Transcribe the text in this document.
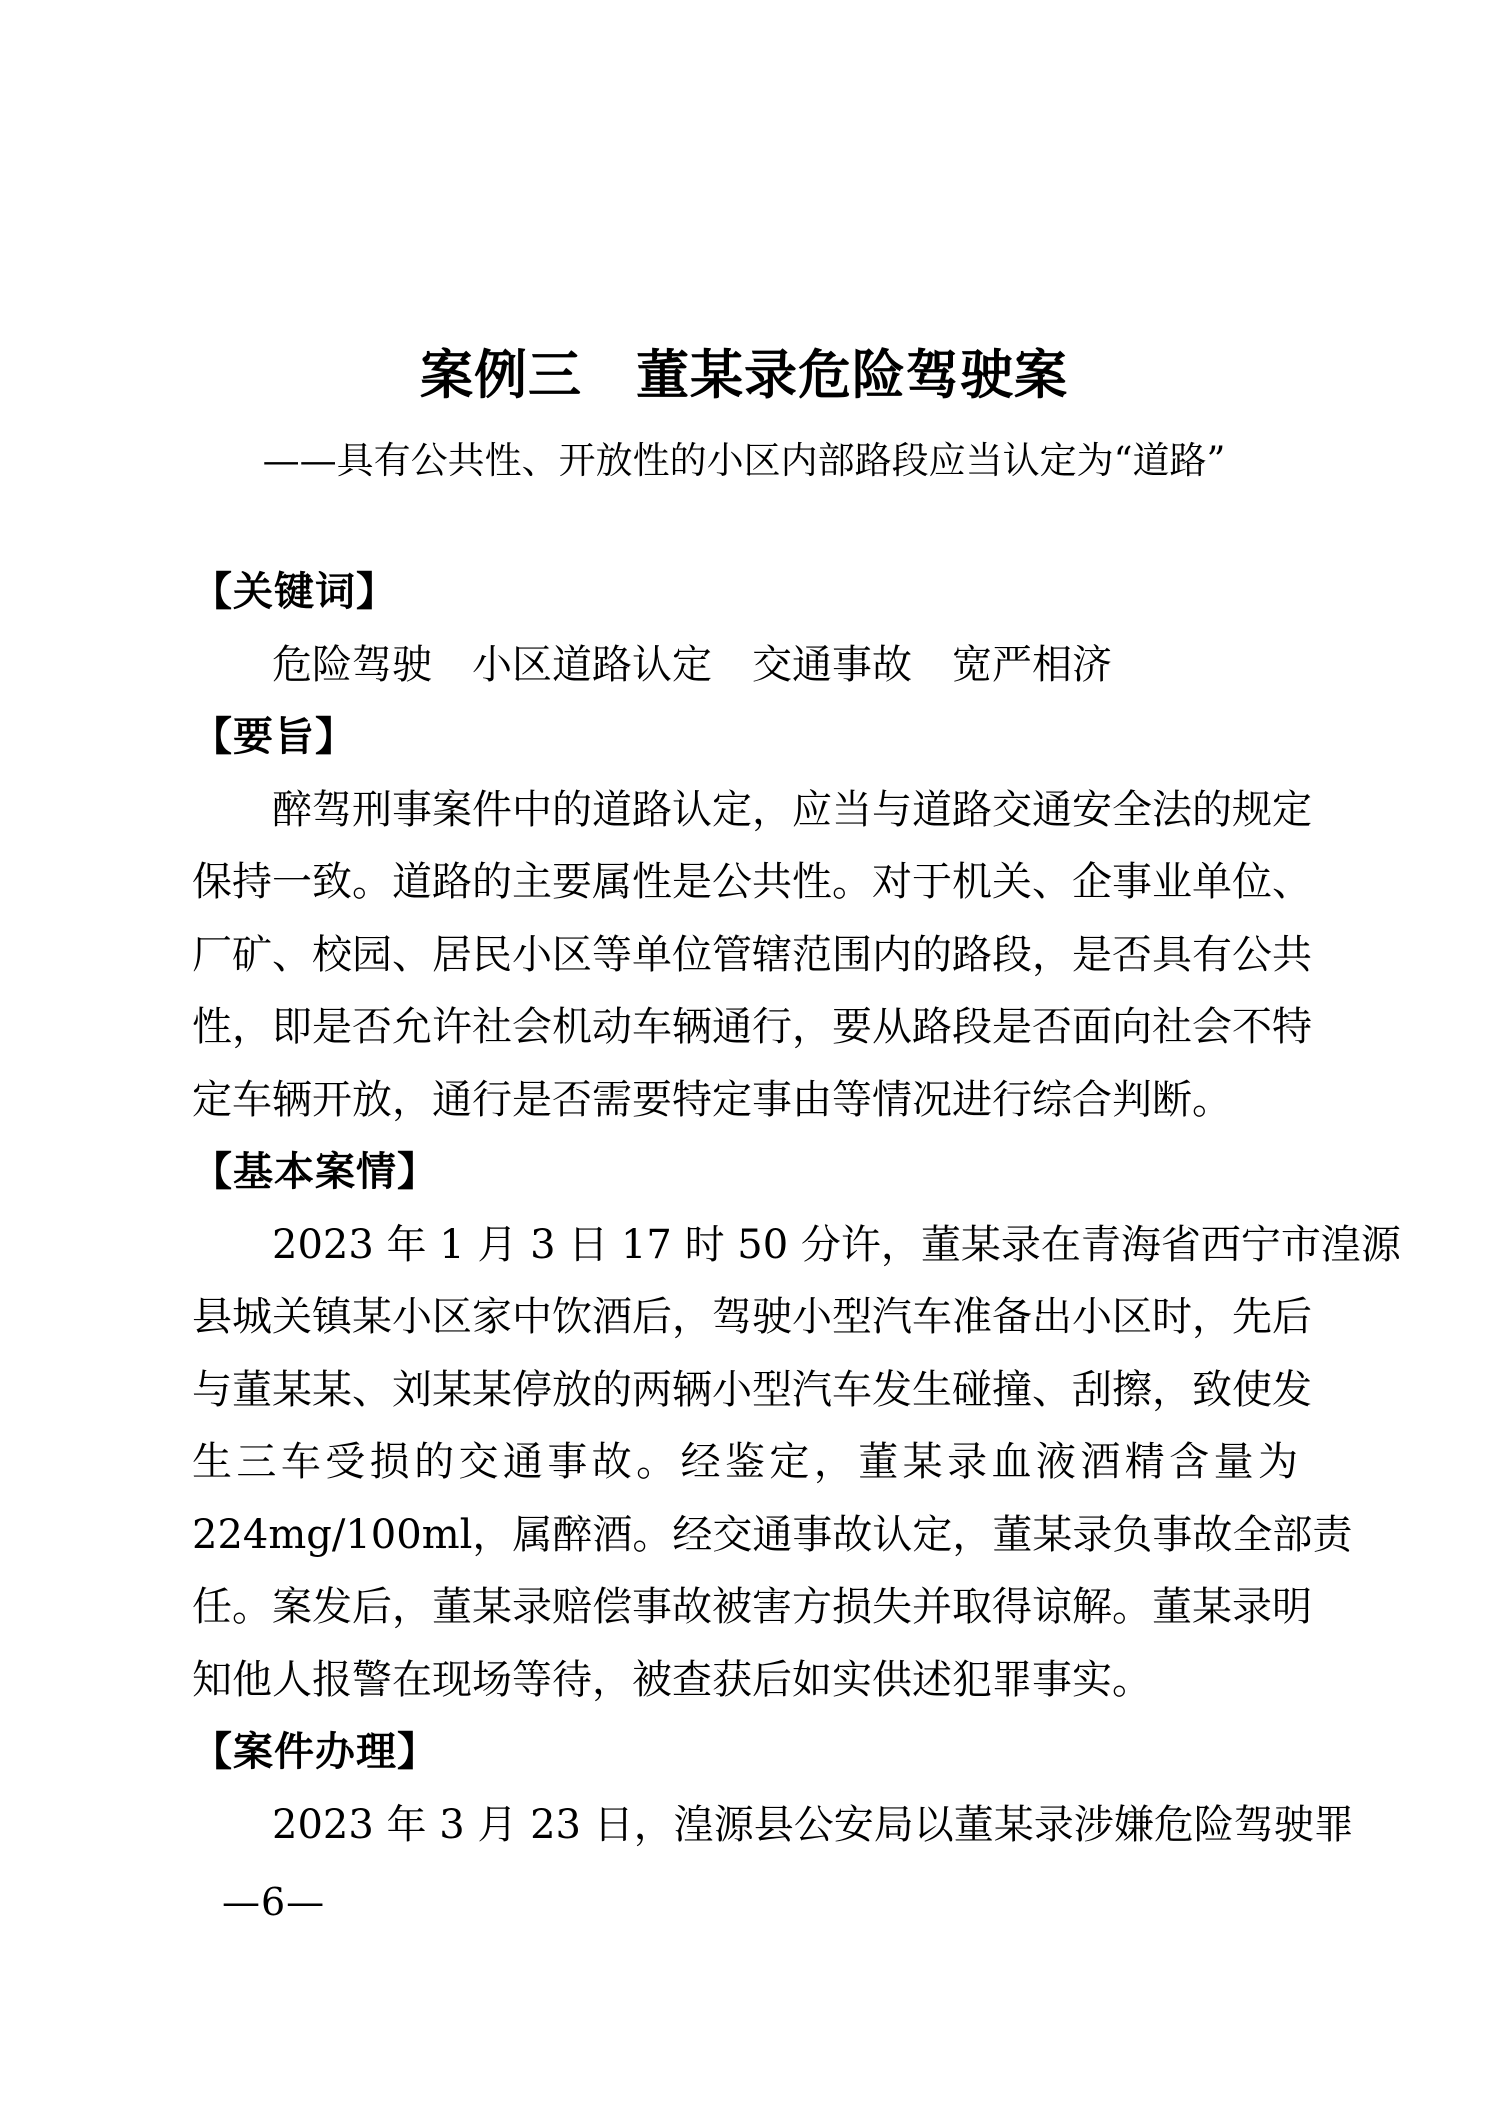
案例三　董某录危险驾驶案
——具有公共性、开放性的小区内部路段应当认定为“道路”
【关键词】
危险驾驶　小区道路认定　交通事故　宽严相济
【要旨】
醉驾刑事案件中的道路认定，应当与道路交通安全法的规定
保持一致。道路的主要属性是公共性。对于机关、企事业单位、
厂矿、校园、居民小区等单位管辖范围内的路段，是否具有公共
性，即是否允许社会机动车辆通行，要从路段是否面向社会不特
定车辆开放，通行是否需要特定事由等情况进行综合判断。
【基本案情】
2023 年 1 月 3 日 17 时 50 分许，董某录在青海省西宁市湟源
县城关镇某小区家中饮酒后，驾驶小型汽车准备出小区时，先后
与董某某、刘某某停放的两辆小型汽车发生碰撞、刮擦，致使发
生三车受损的交通事故。经鉴定，董某录血液酒精含量为
224mg/100ml，属醉酒。经交通事故认定，董某录负事故全部责
任。案发后，董某录赔偿事故被害方损失并取得谅解。董某录明
知他人报警在现场等待，被查获后如实供述犯罪事实。
【案件办理】
2023 年 3 月 23 日，湟源县公安局以董某录涉嫌危险驾驶罪
—6—
